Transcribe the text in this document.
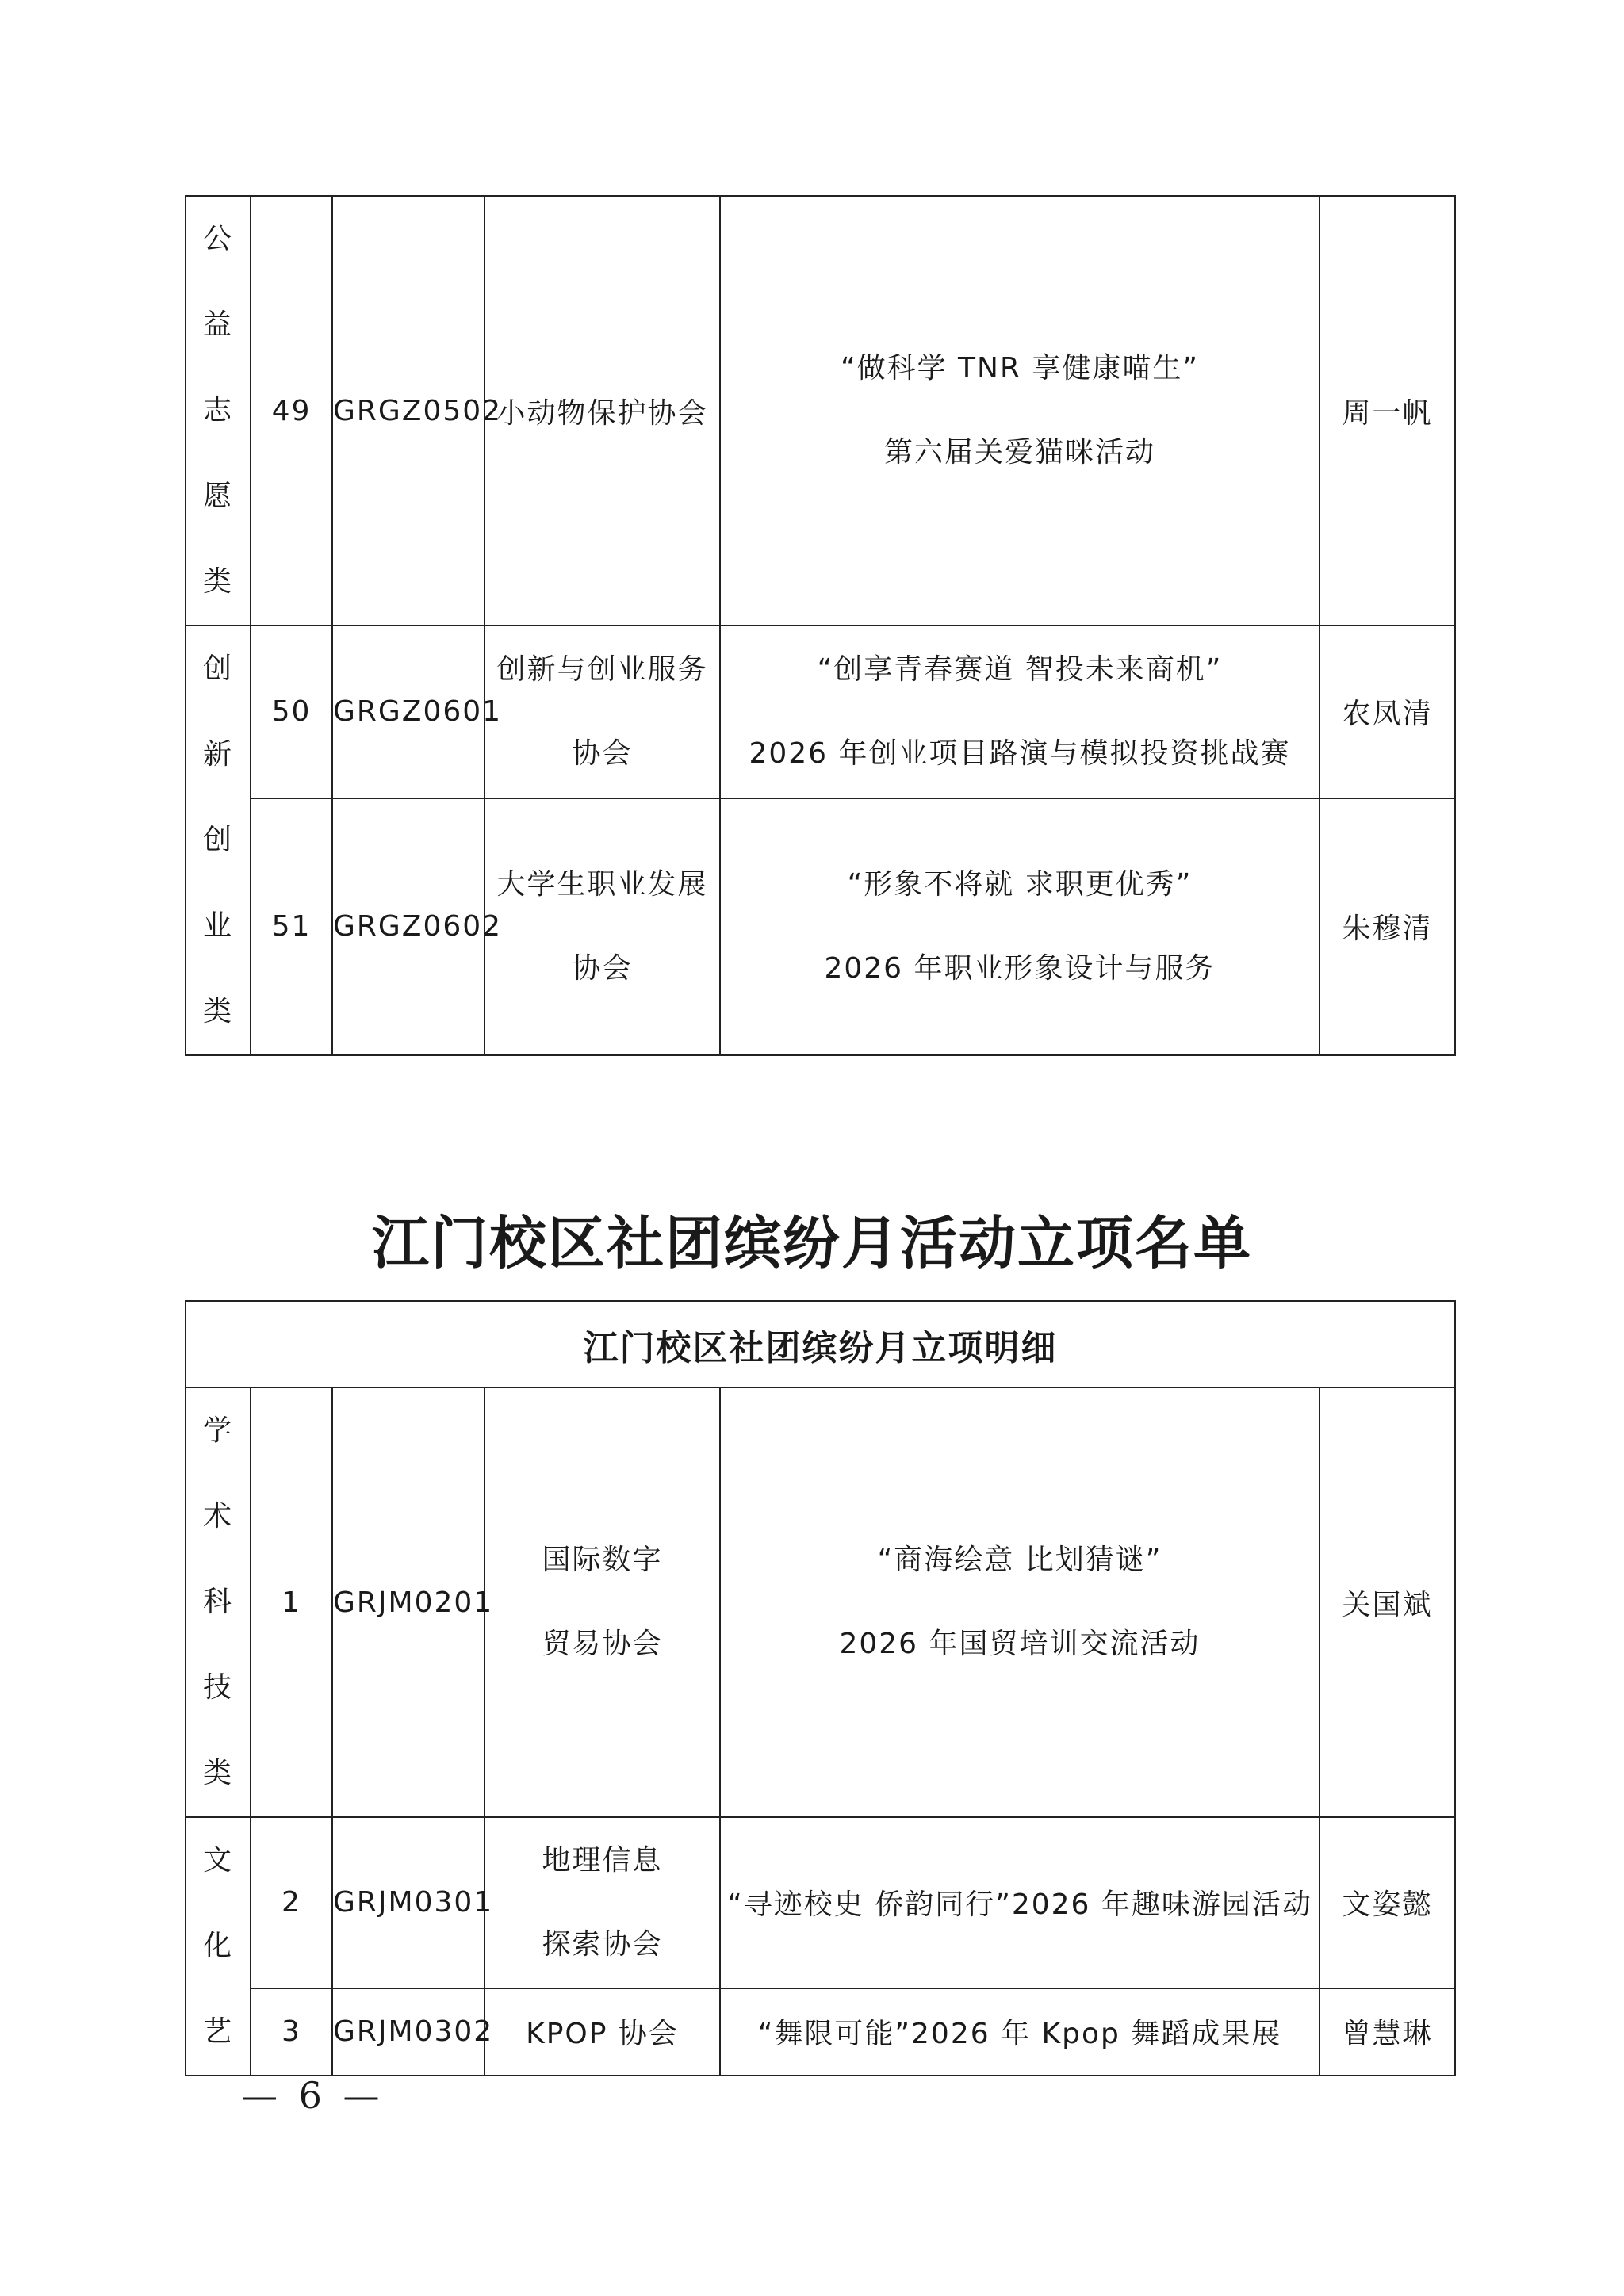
公
益
志
愿
类	49	GRGZ0502	小动物保护协会	“做科学 TNR 享健康喵生”
第六届关爱猫咪活动	周一帆

创
新
创
业
类	50	GRGZ0601	创新与创业服务
协会	“创享青春赛道 智投未来商机”
2026 年创业项目路演与模拟投资挑战赛	农凤清
	51	GRGZ0602	大学生职业发展
协会	“形象不将就 求职更优秀”
2026 年职业形象设计与服务	朱穆清
江门校区社团缤纷月活动立项名单
江门校区社团缤纷月立项明细					

学
术
科
技
类	1	GRJM0201	国际数字
贸易协会	“商海绘意 比划猜谜”
2026 年国贸培训交流活动	关国斌

文
化
艺	2	GRJM0301	地理信息
探索协会	“寻迹校史 侨韵同行”2026 年趣味游园活动	文姿懿
	3	GRJM0302	KPOP 协会	“舞限可能”2026 年 Kpop 舞蹈成果展	曾慧琳
— 6 —
